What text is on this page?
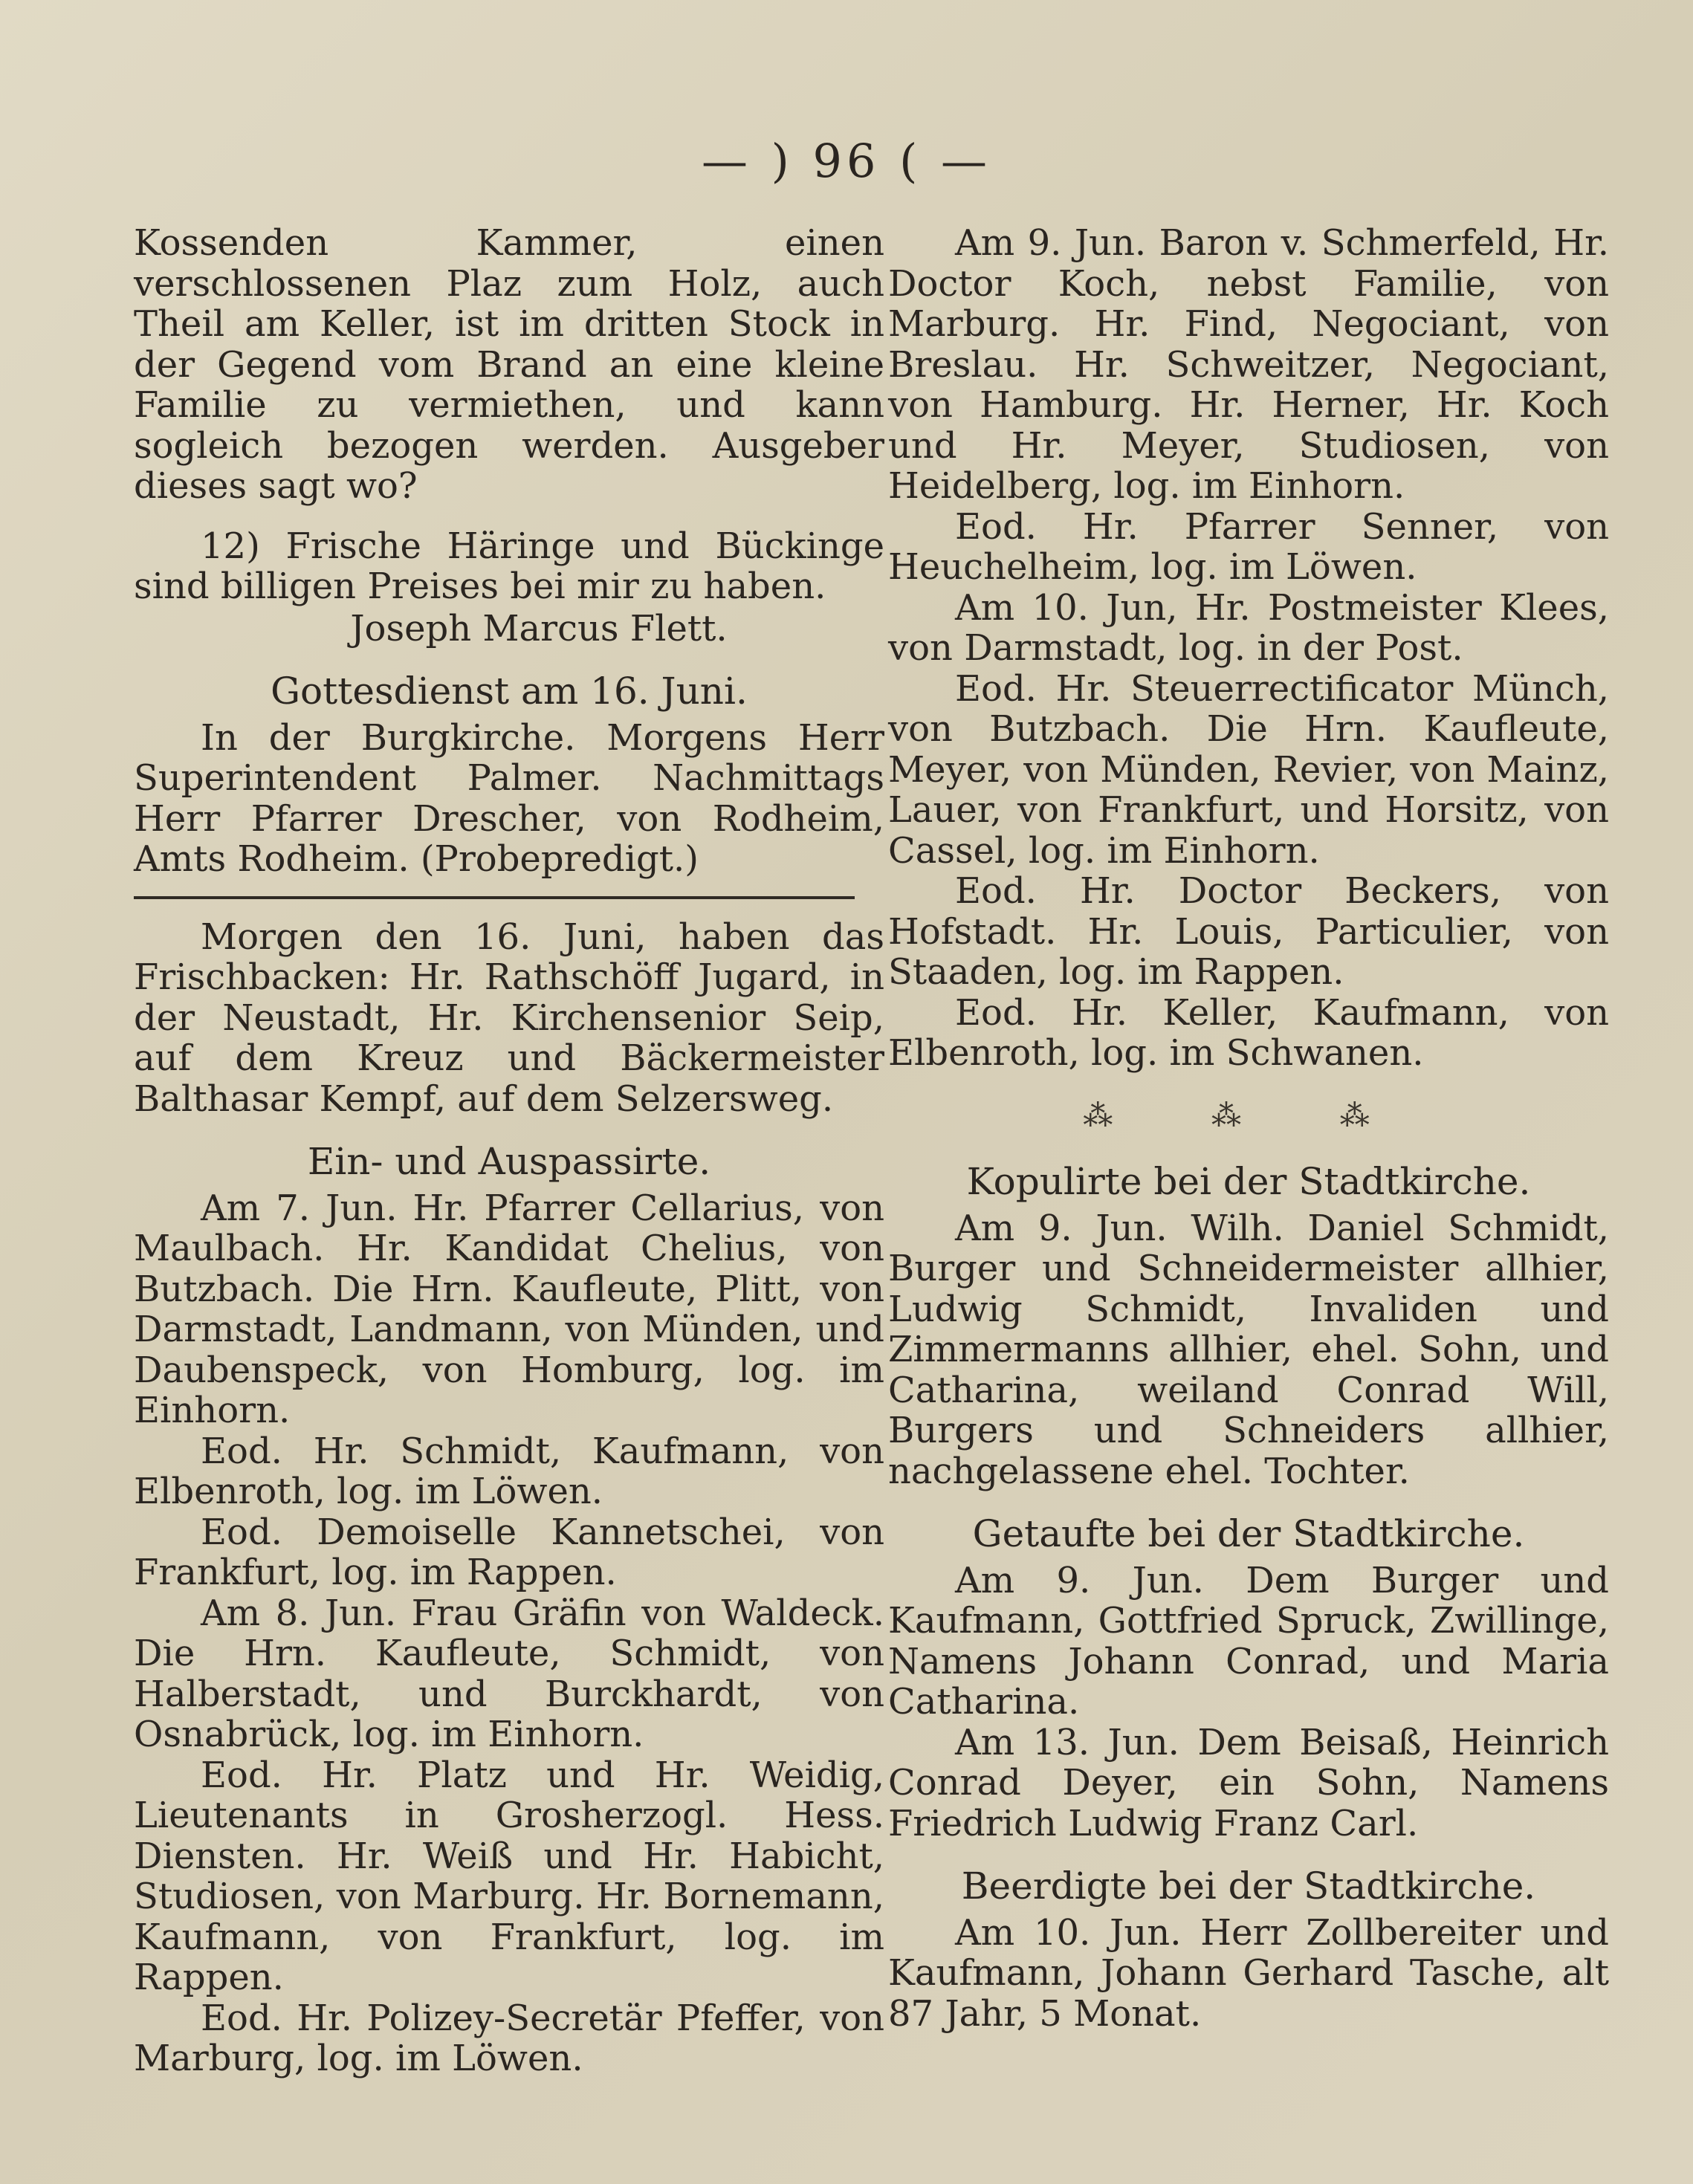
— ) 96 ( —

Kossenden Kammer, einen verschlossenen Plaz zum Holz, auch Theil am Keller, ist im dritten Stock in der Gegend vom Brand an eine kleine Familie zu vermiethen, und kann sogleich bezogen werden. Ausgeber dieses sagt wo?

12) Frische Häringe und Bückinge sind billigen Preises bei mir zu haben.

Joseph Marcus Flett.

Gottesdienst am 16. Juni.

In der Burgkirche. Morgens Herr Superintendent Palmer. Nachmittags Herr Pfarrer Drescher, von Rodheim, Amts Rodheim. (Probepredigt.)

Morgen den 16. Juni, haben das Frischbacken: Hr. Rathschöff Jugard, in der Neustadt, Hr. Kirchensenior Seip, auf dem Kreuz und Bäckermeister Balthasar Kempf, auf dem Selzersweg.

Ein- und Auspassirte.

Am 7. Jun. Hr. Pfarrer Cellarius, von Maulbach. Hr. Kandidat Chelius, von Butzbach. Die Hrn. Kaufleute, Plitt, von Darmstadt, Landmann, von Münden, und Daubenspeck, von Homburg, log. im Einhorn.

Eod. Hr. Schmidt, Kaufmann, von Elbenroth, log. im Löwen.

Eod. Demoiselle Kannetschei, von Frankfurt, log. im Rappen.

Am 8. Jun. Frau Gräfin von Waldeck. Die Hrn. Kaufleute, Schmidt, von Halberstadt, und Burckhardt, von Osnabrück, log. im Einhorn.

Eod. Hr. Platz und Hr. Weidig, Lieutenants in Grosherzogl. Hess. Diensten. Hr. Weiß und Hr. Habicht, Studiosen, von Marburg. Hr. Bornemann, Kaufmann, von Frankfurt, log. im Rappen.

Eod. Hr. Polizey-Secretär Pfeffer, von Marburg, log. im Löwen.

Am 9. Jun. Baron v. Schmerfeld, Hr. Doctor Koch, nebst Familie, von Marburg. Hr. Find, Negociant, von Breslau. Hr. Schweitzer, Negociant, von Hamburg. Hr. Herner, Hr. Koch und Hr. Meyer, Studiosen, von Heidelberg, log. im Einhorn.

Eod. Hr. Pfarrer Senner, von Heuchelheim, log. im Löwen.

Am 10. Jun, Hr. Postmeister Klees, von Darmstadt, log. in der Post.

Eod. Hr. Steuerrectificator Münch, von Butzbach. Die Hrn. Kaufleute, Meyer, von Münden, Revier, von Mainz, Lauer, von Frankfurt, und Horsitz, von Cassel, log. im Einhorn.

Eod. Hr. Doctor Beckers, von Hofstadt. Hr. Louis, Particulier, von Staaden, log. im Rappen.

Eod. Hr. Keller, Kaufmann, von Elbenroth, log. im Schwanen.

⁂ ⁂ ⁂
Kopulirte bei der Stadtkirche.

Am 9. Jun. Wilh. Daniel Schmidt, Burger und Schneidermeister allhier, Ludwig Schmidt, Invaliden und Zimmermanns allhier, ehel. Sohn, und Catharina, weiland Conrad Will, Burgers und Schneiders allhier, nachgelassene ehel. Tochter.

Getaufte bei der Stadtkirche.

Am 9. Jun. Dem Burger und Kaufmann, Gottfried Spruck, Zwillinge, Namens Johann Conrad, und Maria Catharina.

Am 13. Jun. Dem Beisaß, Heinrich Conrad Deyer, ein Sohn, Namens Friedrich Ludwig Franz Carl.

Beerdigte bei der Stadtkirche.

Am 10. Jun. Herr Zollbereiter und Kaufmann, Johann Gerhard Tasche, alt 87 Jahr, 5 Monat.
